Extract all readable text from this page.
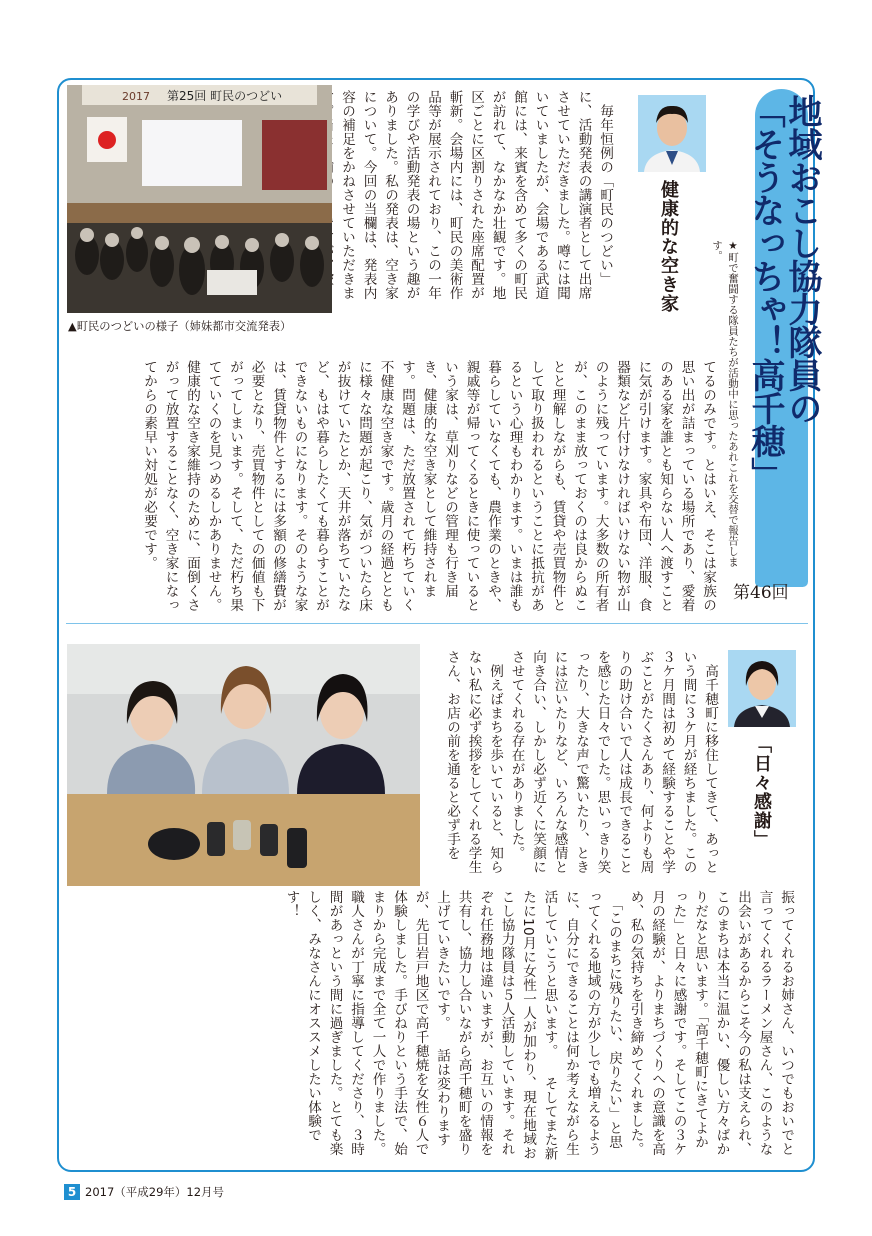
地域おこし協力隊員の
「そうなっちゃ！高千穂」

★町で奮闘する隊員たちが活動中に思ったあれこれを交替で報告します。

第46回

健康的な空き家

　毎年恒例の「町民のつどい」に、活動発表の講演者として出席させていただきました。噂には聞いていましたが、会場である武道館には、来賓を含めて多くの町民が訪れて、なかなか壮観です。地区ごとに区割りされた座席配置が斬新。会場内には、町民の美術作品等が展示されており、この一年の学びや活動発表の場という趣がありました。私の発表は、空き家について。今回の当欄は、発表内容の補足をかねさせていただきま

2017 第25回 町民のつどい

▲町民のつどいの様子（姉妹都市交流発表）

てるのみです。とはいえ、そこは家族の思い出が詰まっている場所であり、愛着のある家を誰とも知らない人へ渡すことに気が引けます。家具や布団、洋服、食器類など片付けなければいけない物が山のように残っています。大多数の所有者が、このまま放っておくのは良からぬことと理解しながらも、賃貸や売買物件として取り扱われるということに抵抗があるという心理もわかります。いまは誰も暮らしていなくても、農作業のときや、親戚等が帰ってくるときに使っているという家は、草刈りなどの管理も行き届き、健康的な空き家として維持されます。問題は、ただ放置されて朽ちていく不健康な空き家です。歳月の経過とともに様々な問題が起こり、気がついたら床が抜けていたとか、天井が落ちていたなど、もはや暮らしたくても暮らすことができないものになります。そのような家は、賃貸物件とするには多額の修繕費が必要となり、売買物件としての価値も下がってしまいます。そして、ただ朽ち果てていくのを見つめるしかありません。健康的な空き家維持のために、面倒くさがって放置することなく、空き家になってからの素早い対処が必要です。

「日々感謝」

　高千穂町に移住してきて、あっという間に３ケ月が経ちました。この３ケ月間は初めて経験することや学ぶことがたくさんあり、何よりも周りの助け合いで人は成長できることを感じた日々でした。思いっきり笑ったり、大きな声で驚いたり、ときには泣いたりなど、いろんな感情と向き合い、しかし必ず近くに笑顔にさせてくれる存在がありました。 　例えばまちを歩いていると、知らない私に必ず挨拶をしてくれる学生さん、お店の前を通ると必ず手を

振ってくれるお姉さん、いつでもおいでと言ってくれるラーメン屋さん、このような出会いがあるからこそ今の私は支えられ、このまちは本当に温かい、優しい方々ばかりだなと思います。「高千穂町にきてよかった」と日々に感謝です。そしてこの３ケ月の経験が、よりまちづくりへの意識を高め、私の気持ちを引き締めてくれました。 　「このまちに残りたい、戻りたい」と思ってくれる地域の方が少しでも増えるように、自分にできることは何か考えながら生活していこうと思います。 　そしてまた新たに10月に女性一人が加わり、現在地域おこし協力隊員は５人活動しています。それぞれ任務地は違いますが、お互いの情報を共有し、協力し合いながら高千穂町を盛り上げていきたいです。 　話は変わりますが、先日岩戸地区で高千穂焼を女性６人で体験しました。手びねりという手法で、始まりから完成まで全て一人で作りました。職人さんが丁寧に指導してくださり、３時間があっという間に過ぎました。とても楽しく、みなさんにオススメしたい体験です！

5 2017（平成29年）12月号
